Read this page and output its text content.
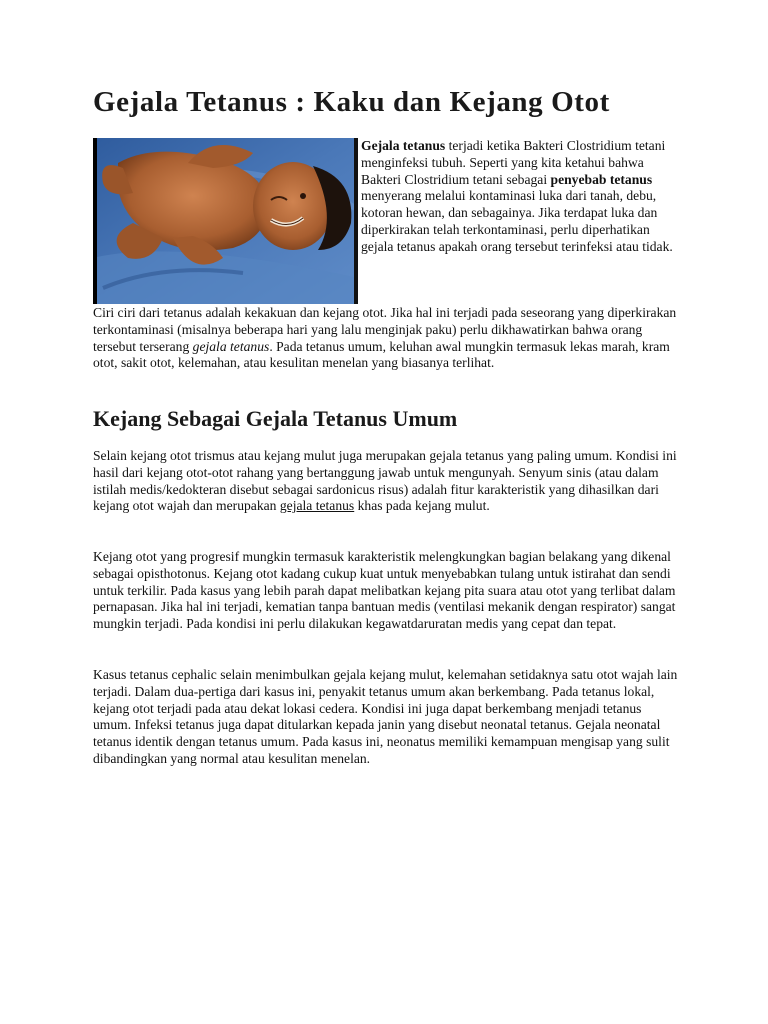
Gejala Tetanus : Kaku dan Kejang Otot

Gejala tetanus terjadi ketika Bakteri Clostridium tetani menginfeksi tubuh. Seperti yang kita ketahui bahwa Bakteri Clostridium tetani sebagai penyebab tetanus menyerang melalui kontaminasi luka dari tanah, debu, kotoran hewan, dan sebagainya. Jika terdapat luka dan diperkirakan telah terkontaminasi, perlu diperhatikan gejala tetanus apakah orang tersebut terinfeksi atau tidak.

Ciri ciri dari tetanus adalah kekakuan dan kejang otot. Jika hal ini terjadi pada seseorang yang diperkirakan terkontaminasi (misalnya beberapa hari yang lalu menginjak paku) perlu dikhawatirkan bahwa orang tersebut terserang gejala tetanus. Pada tetanus umum, keluhan awal mungkin termasuk lekas marah, kram otot, sakit otot, kelemahan, atau kesulitan menelan yang biasanya terlihat.

Kejang Sebagai Gejala Tetanus Umum

Selain kejang otot trismus atau kejang mulut juga merupakan gejala tetanus yang paling umum. Kondisi ini hasil dari kejang otot-otot rahang yang bertanggung jawab untuk mengunyah. Senyum sinis (atau dalam istilah medis/kedokteran disebut sebagai sardonicus risus) adalah fitur karakteristik yang dihasilkan dari kejang otot wajah dan merupakan gejala tetanus khas pada kejang mulut.

Kejang otot yang progresif mungkin termasuk karakteristik melengkungkan bagian belakang yang dikenal sebagai opisthotonus. Kejang otot kadang cukup kuat untuk menyebabkan tulang untuk istirahat dan sendi untuk terkilir. Pada kasus yang lebih parah dapat melibatkan kejang pita suara atau otot yang terlibat dalam pernapasan. Jika hal ini terjadi, kematian tanpa bantuan medis (ventilasi mekanik dengan respirator) sangat mungkin terjadi. Pada kondisi ini perlu dilakukan kegawatdaruratan medis yang cepat dan tepat.

Kasus tetanus cephalic selain menimbulkan gejala kejang mulut, kelemahan setidaknya satu otot wajah lain terjadi. Dalam dua-pertiga dari kasus ini, penyakit tetanus umum akan berkembang. Pada tetanus lokal, kejang otot terjadi pada atau dekat lokasi cedera. Kondisi ini juga dapat berkembang menjadi tetanus umum. Infeksi tetanus juga dapat ditularkan kepada janin yang disebut neonatal tetanus. Gejala neonatal tetanus identik dengan tetanus umum. Pada kasus ini, neonatus memiliki kemampuan mengisap yang sulit dibandingkan yang normal atau kesulitan menelan.
